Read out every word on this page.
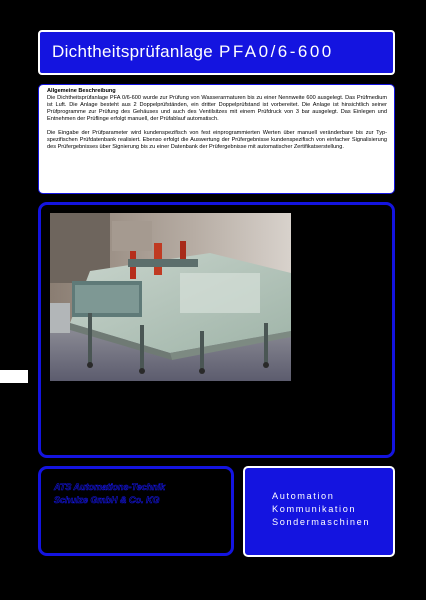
Dichtheitsprüfanlage PFA0/6-600
Allgemeine Beschreibung

Die Dichtheitsprüfanlage PFA 0/6-600 wurde zur Prüfung von Wasserarmaturen bis zu einer Nennweite 600 ausgelegt. Das Prüfmedium ist Luft. Die Anlage besteht aus 2 Doppelprüfständen, ein dritter Doppelprüfstand ist vorbereitet. Die Anlage ist hinsichtlich seiner Prüfprogramme zur Prüfung des Gehäuses und auch des Ventilsitzes mit einem Prüfdruck von 3 bar ausgelegt. Das Einlegen und Entnehmen der Prüflinge erfolgt manuell, der Prüfablauf automatisch.

Die Eingabe der Prüfparameter wird kundenspezifisch von fest einprogrammierten Werten über manuell veränderbare bis zur Typ-spezifischen Prüfdatenbank realisiert. Ebenso erfolgt die Auswertung der Prüfergebnisse kundenspezifisch von einfacher Signalisierung des Prüfergebnisses über Signierung bis zu einer Datenbank der Prüfergebnisse mit automatischer Zertifikatserstellung.

ATS Automations-Technik
Schulze GmbH & Co. KG	Automation
Kommunikation
Sondermaschinen
